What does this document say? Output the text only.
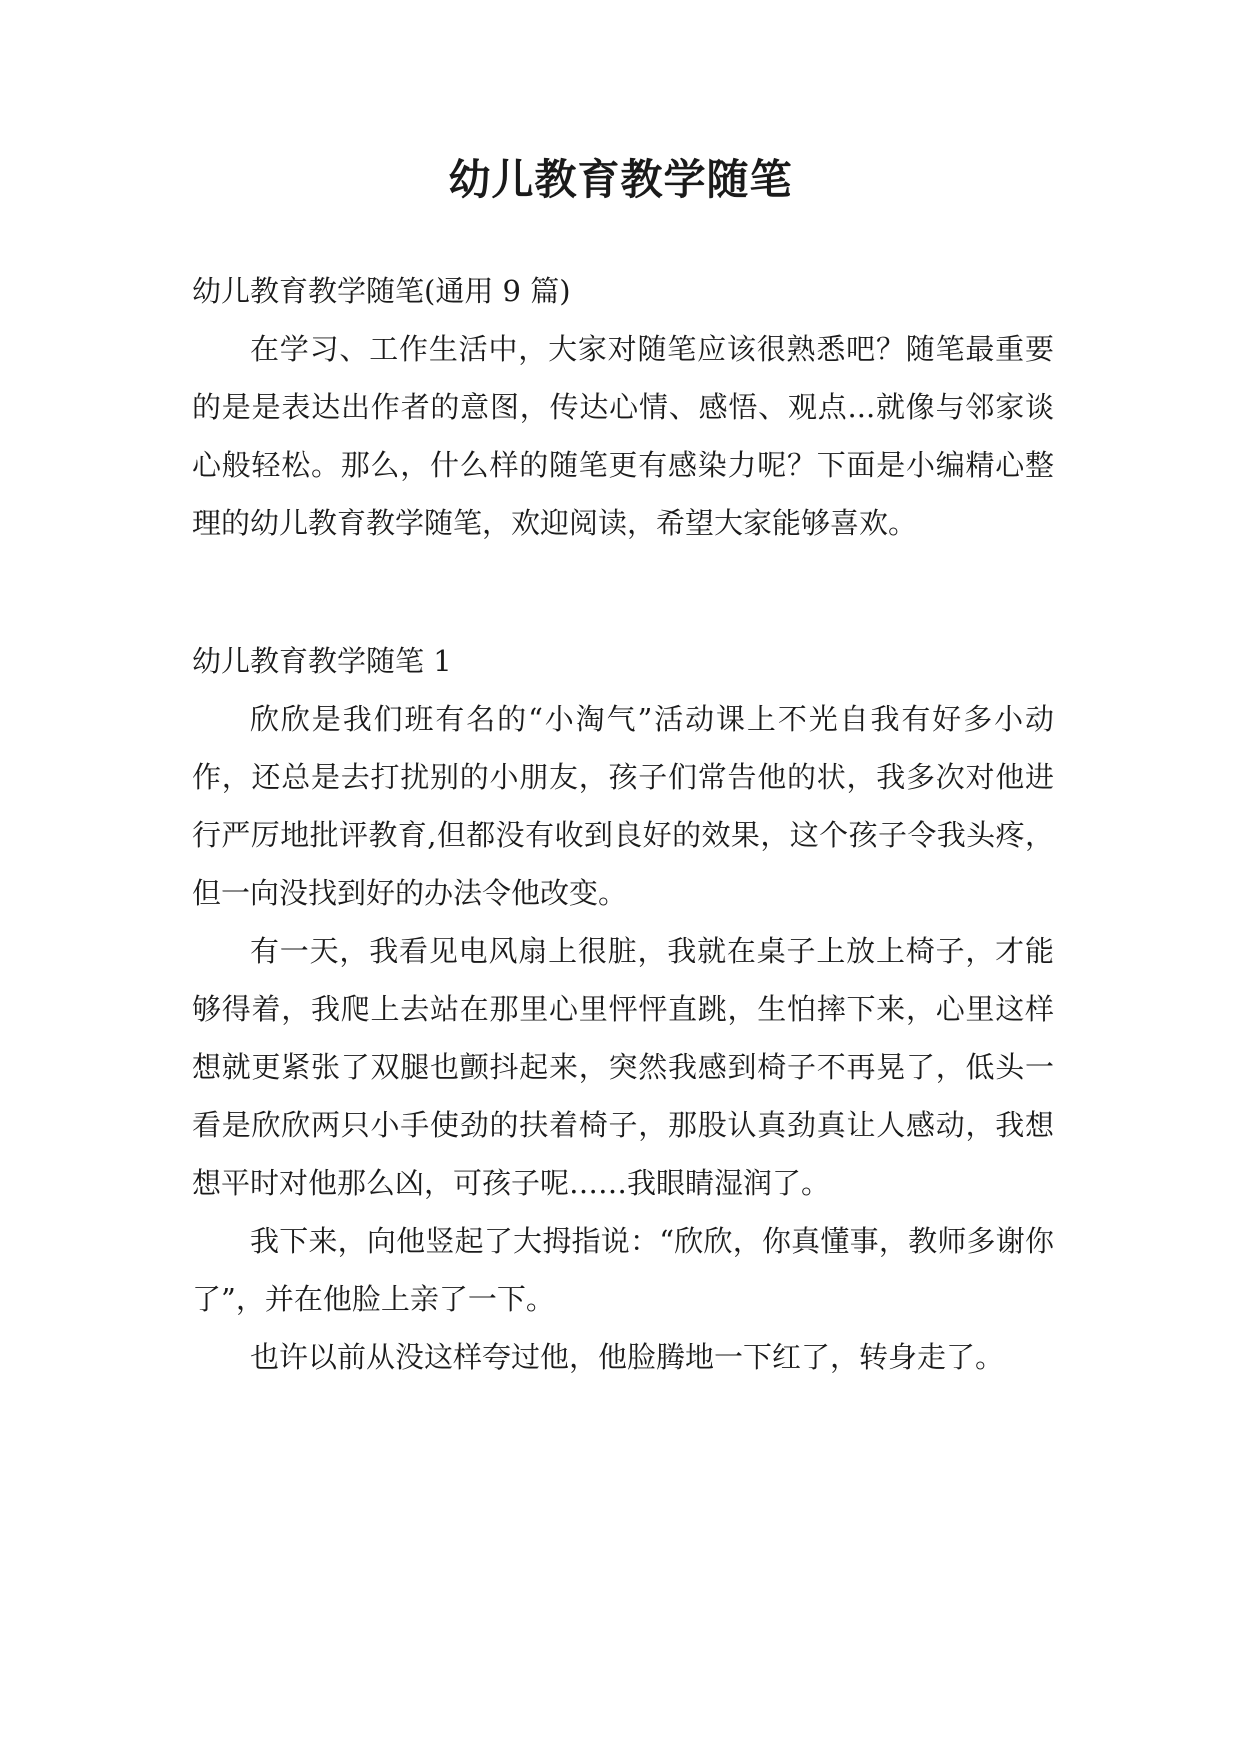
幼儿教育教学随笔

幼儿教育教学随笔(通用 9 篇)

在学习、工作生活中，大家对随笔应该很熟悉吧？随笔最重要的是是表达出作者的意图，传达心情、感悟、观点...就像与邻家谈心般轻松。那么，什么样的随笔更有感染力呢？下面是小编精心整理的幼儿教育教学随笔，欢迎阅读，希望大家能够喜欢。

幼儿教育教学随笔 1

欣欣是我们班有名的“小淘气”活动课上不光自我有好多小动作，还总是去打扰别的小朋友，孩子们常告他的状，我多次对他进行严厉地批评教育,但都没有收到良好的效果，这个孩子令我头疼，但一向没找到好的办法令他改变。

有一天，我看见电风扇上很脏，我就在桌子上放上椅子，才能够得着，我爬上去站在那里心里怦怦直跳，生怕摔下来，心里这样想就更紧张了双腿也颤抖起来，突然我感到椅子不再晃了，低头一看是欣欣两只小手使劲的扶着椅子，那股认真劲真让人感动，我想想平时对他那么凶，可孩子呢……我眼睛湿润了。

我下来，向他竖起了大拇指说：“欣欣，你真懂事，教师多谢你了”，并在他脸上亲了一下。

也许以前从没这样夸过他，他脸腾地一下红了，转身走了。
